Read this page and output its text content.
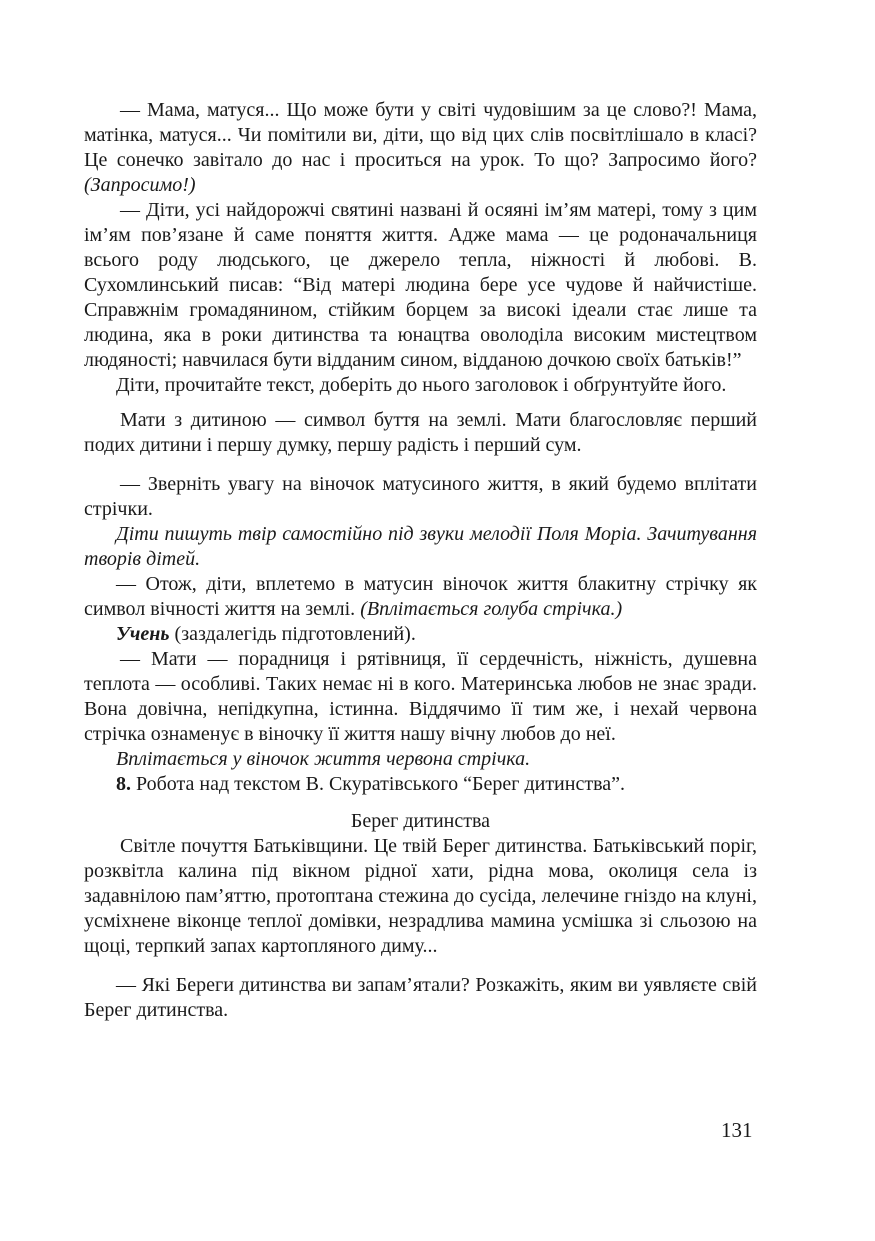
— Мама, матуся... Що може бути у світі чудовішим за це слово?! Мама, матінка, матуся... Чи помітили ви, діти, що від цих слів посвітлішало в класі? Це сонечко завітало до нас і проситься на урок. То що? Запросимо його? (Запросимо!)

— Діти, усі найдорожчі святині названі й осяяні ім’ям матері, тому з цим ім’ям пов’язане й саме поняття життя. Адже мама — це родоначальниця всього роду людського, це джерело тепла, ніжності й любові. В. Сухомлинський писав: “Від матері людина бере усе чудове й найчистіше. Справжнім громадянином, стійким борцем за високі ідеали стає лише та людина, яка в роки дитинства та юнацтва оволоділа високим мистецтвом людяності; навчилася бути відданим сином, відданою дочкою своїх батьків!”

Діти, прочитайте текст, доберіть до нього заголовок і обґрунтуйте його.

Мати з дитиною — символ буття на землі. Мати благословляє перший подих дитини і першу думку, першу радість і перший сум.

— Зверніть увагу на віночок матусиного життя, в який будемо вплітати стрічки.

Діти пишуть твір самостійно під звуки мелодії Поля Моріа. Зачитування творів дітей.

— Отож, діти, вплетемо в матусин віночок життя блакитну стрічку як символ вічності життя на землі. (Вплітається голуба стрічка.)

Учень (заздалегідь підготовлений).

— Мати — порадниця і рятівниця, її сердечність, ніжність, душевна теплота — особливі. Таких немає ні в кого. Материнська любов не знає зради. Вона довічна, непідкупна, істинна. Віддячимо її тим же, і нехай червона стрічка ознаменує в віночку її життя нашу вічну любов до неї.

Вплітається у віночок життя червона стрічка.

8. Робота над текстом В. Скуратівського “Берег дитинства”.

Берег дитинства

Світле почуття Батьківщини. Це твій Берег дитинства. Батьківський поріг, розквітла калина під вікном рідної хати, рідна мова, околиця села із задавнілою пам’яттю, протоптана стежина до сусіда, лелечине гніздо на клуні, усміхнене віконце теплої домівки, незрадлива мамина усмішка зі сльозою на щоці, терпкий запах картопляного диму...

— Які Береги дитинства ви запам’ятали? Розкажіть, яким ви уявляєте свій Берег дитинства.

131
